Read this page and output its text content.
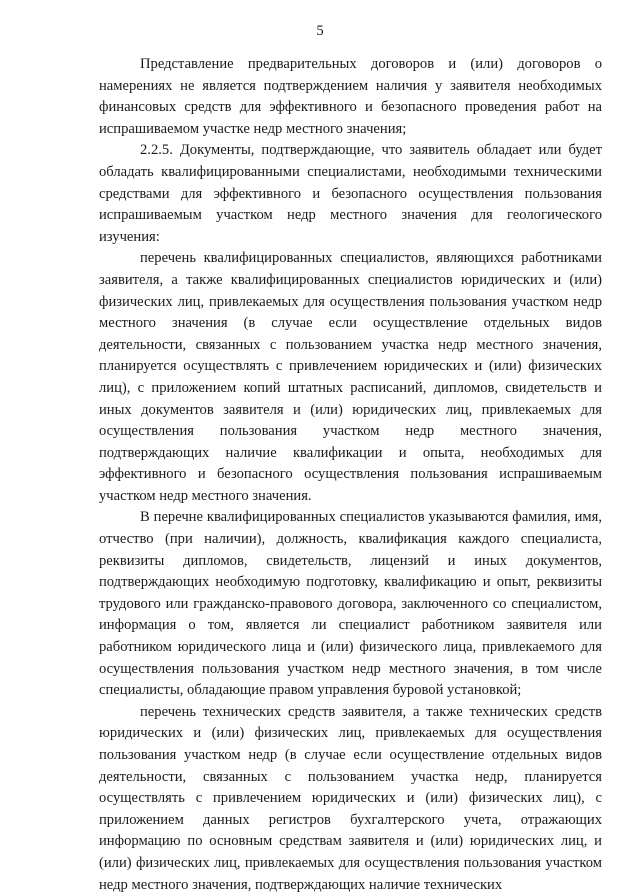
5

Представление предварительных договоров и (или) договоров о намерениях не является подтверждением наличия у заявителя необходимых финансовых средств для эффективного и безопасного проведения работ на испрашиваемом участке недр местного значения;

2.2.5. Документы, подтверждающие, что заявитель обладает или будет обладать квалифицированными специалистами, необходимыми техническими средствами для эффективного и безопасного осуществления пользования испрашиваемым участком недр местного значения для геологического изучения:

перечень квалифицированных специалистов, являющихся работниками заявителя, а также квалифицированных специалистов юридических и (или) физических лиц, привлекаемых для осуществления пользования участком недр местного значения (в случае если осуществление отдельных видов деятельности, связанных с пользованием участка недр местного значения, планируется осуществлять с привлечением юридических и (или) физических лиц), с приложением копий штатных расписаний, дипломов, свидетельств и иных документов заявителя и (или) юридических лиц, привлекаемых для осуществления пользования участком недр местного значения, подтверждающих наличие квалификации и опыта, необходимых для эффективного и безопасного осуществления пользования испрашиваемым участком недр местного значения.

В перечне квалифицированных специалистов указываются фамилия, имя, отчество (при наличии), должность, квалификация каждого специалиста, реквизиты дипломов, свидетельств, лицензий и иных документов, подтверждающих необходимую подготовку, квалификацию и опыт, реквизиты трудового или гражданско-правового договора, заключенного со специалистом, информация о том, является ли специалист работником заявителя или работником юридического лица и (или) физического лица, привлекаемого для осуществления пользования участком недр местного значения, в том числе специалисты, обладающие правом управления буровой установкой;

перечень технических средств заявителя, а также технических средств юридических и (или) физических лиц, привлекаемых для осуществления пользования участком недр (в случае если осуществление отдельных видов деятельности, связанных с пользованием участка недр, планируется осуществлять с привлечением юридических и (или) физических лиц), с приложением данных регистров бухгалтерского учета, отражающих информацию по основным средствам заявителя и (или) юридических лиц, и (или) физических лиц, привлекаемых для осуществления пользования участком недр местного значения, подтверждающих наличие технических
